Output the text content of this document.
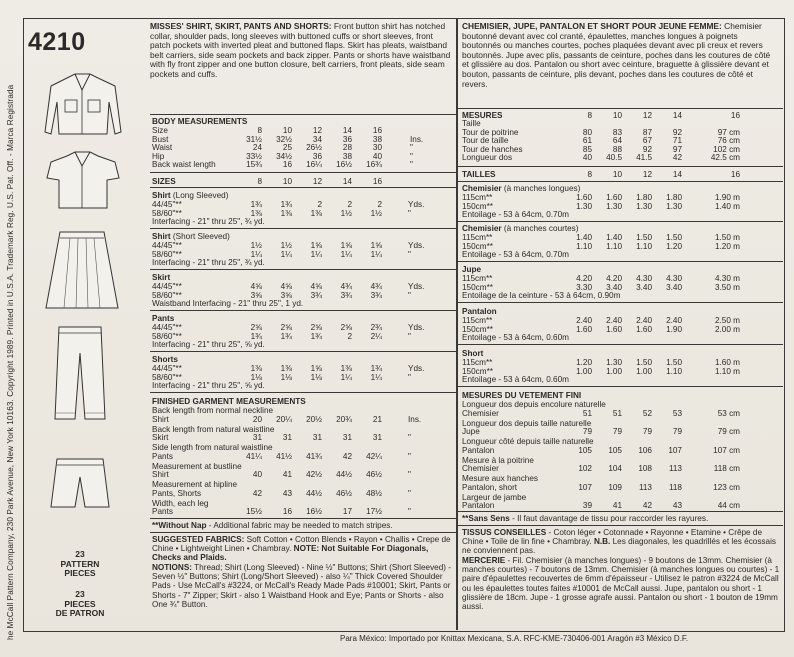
he McCall Pattern Company, 230 Park Avenue, New York 10163. Copyright 1989. Printed in U.S.A. Trademark Reg. U.S. Pat. Off. - Marca Registrada
4210
23
PATTERN
PIECES
23
PIECES
DE PATRON
MISSES' SHIRT, SKIRT, PANTS AND SHORTS: Front button shirt has notched collar, shoulder pads, long sleeves with buttoned cuffs or short sleeves, front patch pockets with inverted pleat and buttoned flaps. Skirt has pleats, waistband belt carriers, side seam pockets and back zipper. Pants or shorts have waistband with fly front zipper and one button closure, belt carriers, front pleats, side seam pockets and cuffs.
CHEMISIER, JUPE, PANTALON ET SHORT POUR JEUNE FEMME: Chemisier boutonné devant avec col cranté, épaulettes, manches longues à poignets boutonnés ou manches courtes, poches plaquées devant avec pli creux et revers boutonnés. Jupe avec plis, passants de ceinture, poches dans les coutures de côté et glissière au dos. Pantalon ou short avec ceinture, braguette à glissière devant et bouton, passants de ceinture, plis devant, poches dans les coutures de côté et revers.
BODY MEASUREMENTS
8	10	12	14	16
Size
Bust	31½	32½	34	36	38	Ins.
Waist	24	25	26½	28	30	"
Hip	33½	34½	36	38	40	"
Back waist length	15¾	16	16¼	16½	16¾	"
SIZES	8	10	12	14	16
Shirt (Long Sleeved)
44/45"**	1¾	1¾	2	2	2	Yds.
58/60"**	1⅜	1⅜	1⅜	1½	1½	"
Interfacing - 21" thru 25", ¾ yd.
Shirt (Short Sleeved)
44/45"**	1½	1½	1⅝	1⅝	1⅝	Yds.
58/60"**	1¼	1¼	1¼	1¼	1¼	"
Interfacing - 21" thru 25", ¾ yd.
Skirt
44/45"**	4⅝	4⅝	4⅝	4¾	4¾	Yds.
58/60"**	3⅝	3⅝	3¾	3¾	3¾	"
Waistband Interfacing - 21" thru 25", 1 yd.
Pants
44/45"**	2⅝	2⅝	2⅝	2⅝	2¾	Yds.
58/60"**	1¾	1¾	1¾	2	2¼	"
Interfacing - 21" thru 25", ⅝ yd.
Shorts
44/45"**	1⅜	1⅜	1⅝	1⅜	1¾	Yds.
58/60"**	1⅛	1⅛	1⅛	1¼	1¼	"
Interfacing - 21" thru 25", ⅝ yd.
FINISHED GARMENT MEASUREMENTS
Back length from normal neckline
Shirt	20	20¼	20½	20¾	21	Ins.
Back length from natural waistline
Skirt	31	31	31	31	31	"
Side length from natural waistline
Pants	41¼	41½	41¾	42	42¼	"
Measurement at bustline
Shirt	40	41	42½	44½	46½	"
Measurement at hipline
Pants, Shorts	42	43	44½	46½	48½	"
Width, each leg
Pants	15½	16	16½	17	17½	"
**Without Nap - Additional fabric may be needed to match stripes.
SUGGESTED FABRICS: Soft Cotton • Cotton Blends • Rayon • Challis • Crepe de Chine • Lightweight Linen • Chambray. NOTE: Not Suitable For Diagonals, Checks and Plaids.
NOTIONS: Thread; Shirt (Long Sleeved) - Nine ½" Buttons; Shirt (Short Sleeved) - Seven ½" Buttons; Shirt (Long/Short Sleeved) - also ¼" Thick Covered Shoulder Pads - Use McCall's #3224, or McCall's Ready Made Pads #10001; Skirt, Pants or Shorts - 7" Zipper; Skirt - also 1 Waistband Hook and Eye; Pants or Shorts - also One ¾" Button.
MESURES	8	10	12	14	16
Taille
Tour de poitrine	80	83	87	92	97 cm
Tour de taille	61	64	67	71	76 cm
Tour de hanches	85	88	92	97	102 cm
Longueur dos	40	40.5	41.5	42	42.5 cm
TAILLES	8	10	12	14	16
Chemisier (à manches longues)
115cm**	1.60	1.60	1.80	1.80	1.90 m
150cm**	1.30	1.30	1.30	1.30	1.40 m
Entoilage - 53 à 64cm, 0.70m
Chemisier (à manches courtes)
115cm**	1.40	1.40	1.50	1.50	1.50 m
150cm**	1.10	1.10	1.10	1.20	1.20 m
Entoilage - 53 à 64cm, 0.70m
Jupe
115cm**	4.20	4.20	4.30	4.30	4.30 m
150cm**	3.30	3.40	3.40	3.40	3.50 m
Entoilage de la ceinture - 53 à 64cm, 0.90m
Pantalon
115cm**	2.40	2.40	2.40	2.40	2.50 m
150cm**	1.60	1.60	1.60	1.90	2.00 m
Entoilage - 53 à 64cm, 0.60m
Short
115cm**	1.20	1.30	1.50	1.50	1.60 m
150cm**	1.00	1.00	1.00	1.10	1.10 m
Entoilage - 53 à 64cm, 0.60m
MESURES DU VETEMENT FINI
Longueur dos depuis encolure naturelle
Chemisier	51	51	52	53	53 cm
Longueur dos depuis taille naturelle
Jupe	79	79	79	79	79 cm
Longueur côté depuis taille naturelle
Pantalon	105	105	106	107	107 cm
Mesure à la poitrine
Chemisier	102	104	108	113	118 cm
Mesure aux hanches
Pantalon, short	107	109	113	118	123 cm
Largeur de jambe
Pantalon	39	41	42	43	44 cm
**Sans Sens - Il faut davantage de tissu pour raccorder les rayures.
TISSUS CONSEILLES - Coton léger • Cotonnade • Rayonne • Etamine • Crêpe de Chine • Toile de lin fine • Chambray. N.B. Les diagonales, les quadrillés et les écossais ne conviennent pas.
MERCERIE - Fil. Chemisier (à manches longues) - 9 boutons de 13mm. Chemisier (à manches courtes) - 7 boutons de 13mm. Chemisier (à manches longues ou courtes) - 1 paire d'épaulettes recouvertes de 6mm d'épaisseur - Utilisez le patron #3224 de McCall ou les épaulettes toutes faites #10001 de McCall aussi. Jupe, pantalon ou short - 1 glissière de 18cm. Jupe - 1 grosse agrafe aussi. Pantalon ou short - 1 bouton de 19mm aussi.
Para México: Importado por Knittax Mexicana, S.A. RFC-KME-730406-001 Aragón #3 México D.F.
